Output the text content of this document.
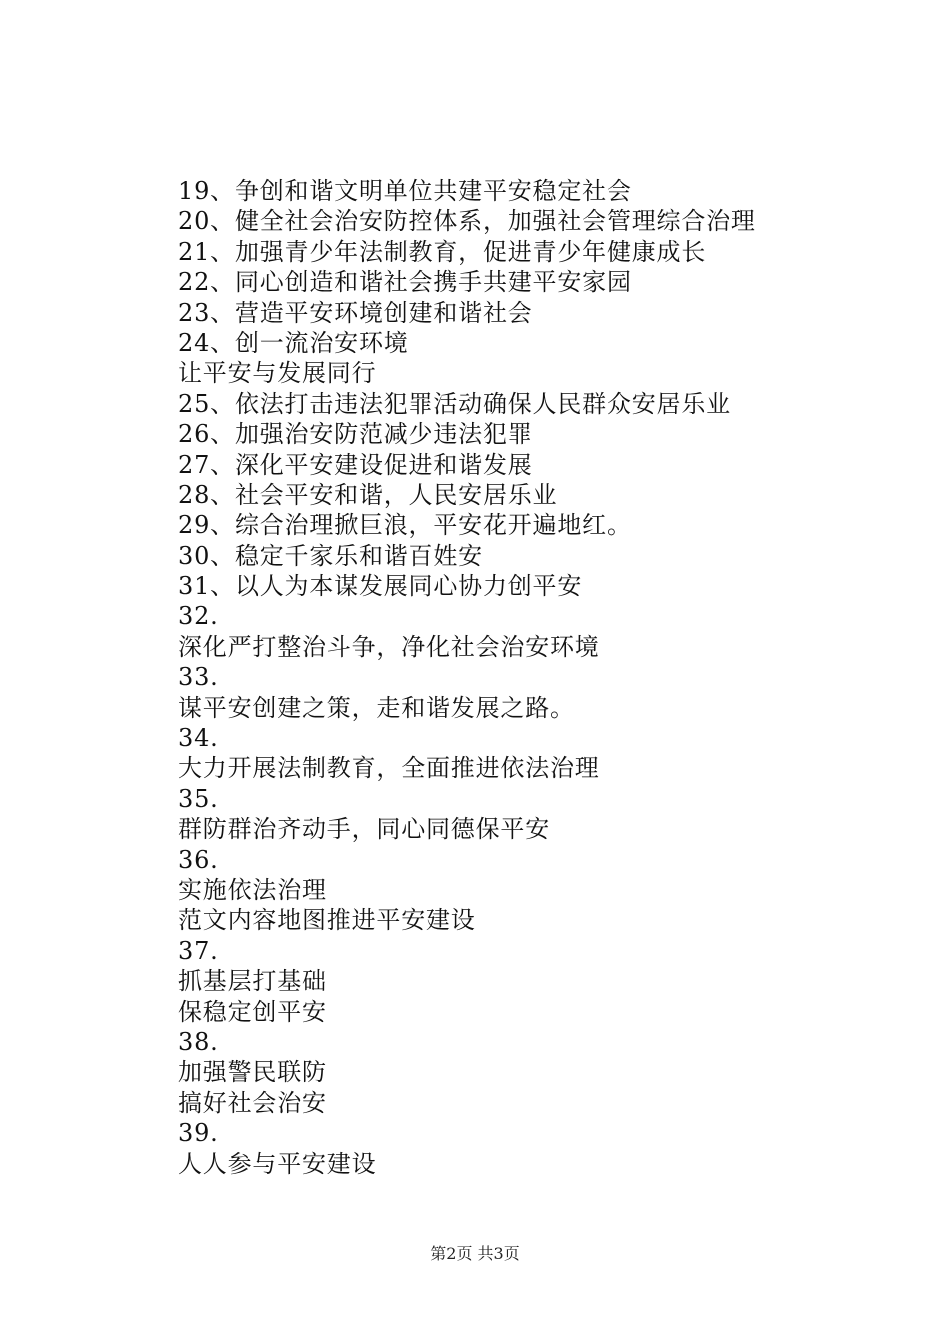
19、争创和谐文明单位共建平安稳定社会
20、健全社会治安防控体系，加强社会管理综合治理
21、加强青少年法制教育，促进青少年健康成长
22、同心创造和谐社会携手共建平安家园
23、营造平安环境创建和谐社会
24、创一流治安环境
让平安与发展同行
25、依法打击违法犯罪活动确保人民群众安居乐业
26、加强治安防范减少违法犯罪
27、深化平安建设促进和谐发展
28、社会平安和谐，人民安居乐业
29、综合治理掀巨浪，平安花开遍地红。
30、稳定千家乐和谐百姓安
31、以人为本谋发展同心协力创平安
32.
深化严打整治斗争，净化社会治安环境
33.
谋平安创建之策，走和谐发展之路。
34.
大力开展法制教育，全面推进依法治理
35.
群防群治齐动手，同心同德保平安
36.
实施依法治理
范文内容地图推进平安建设
37.
抓基层打基础
保稳定创平安
38.
加强警民联防
搞好社会治安
39.
人人参与平安建设
第2页 共3页
